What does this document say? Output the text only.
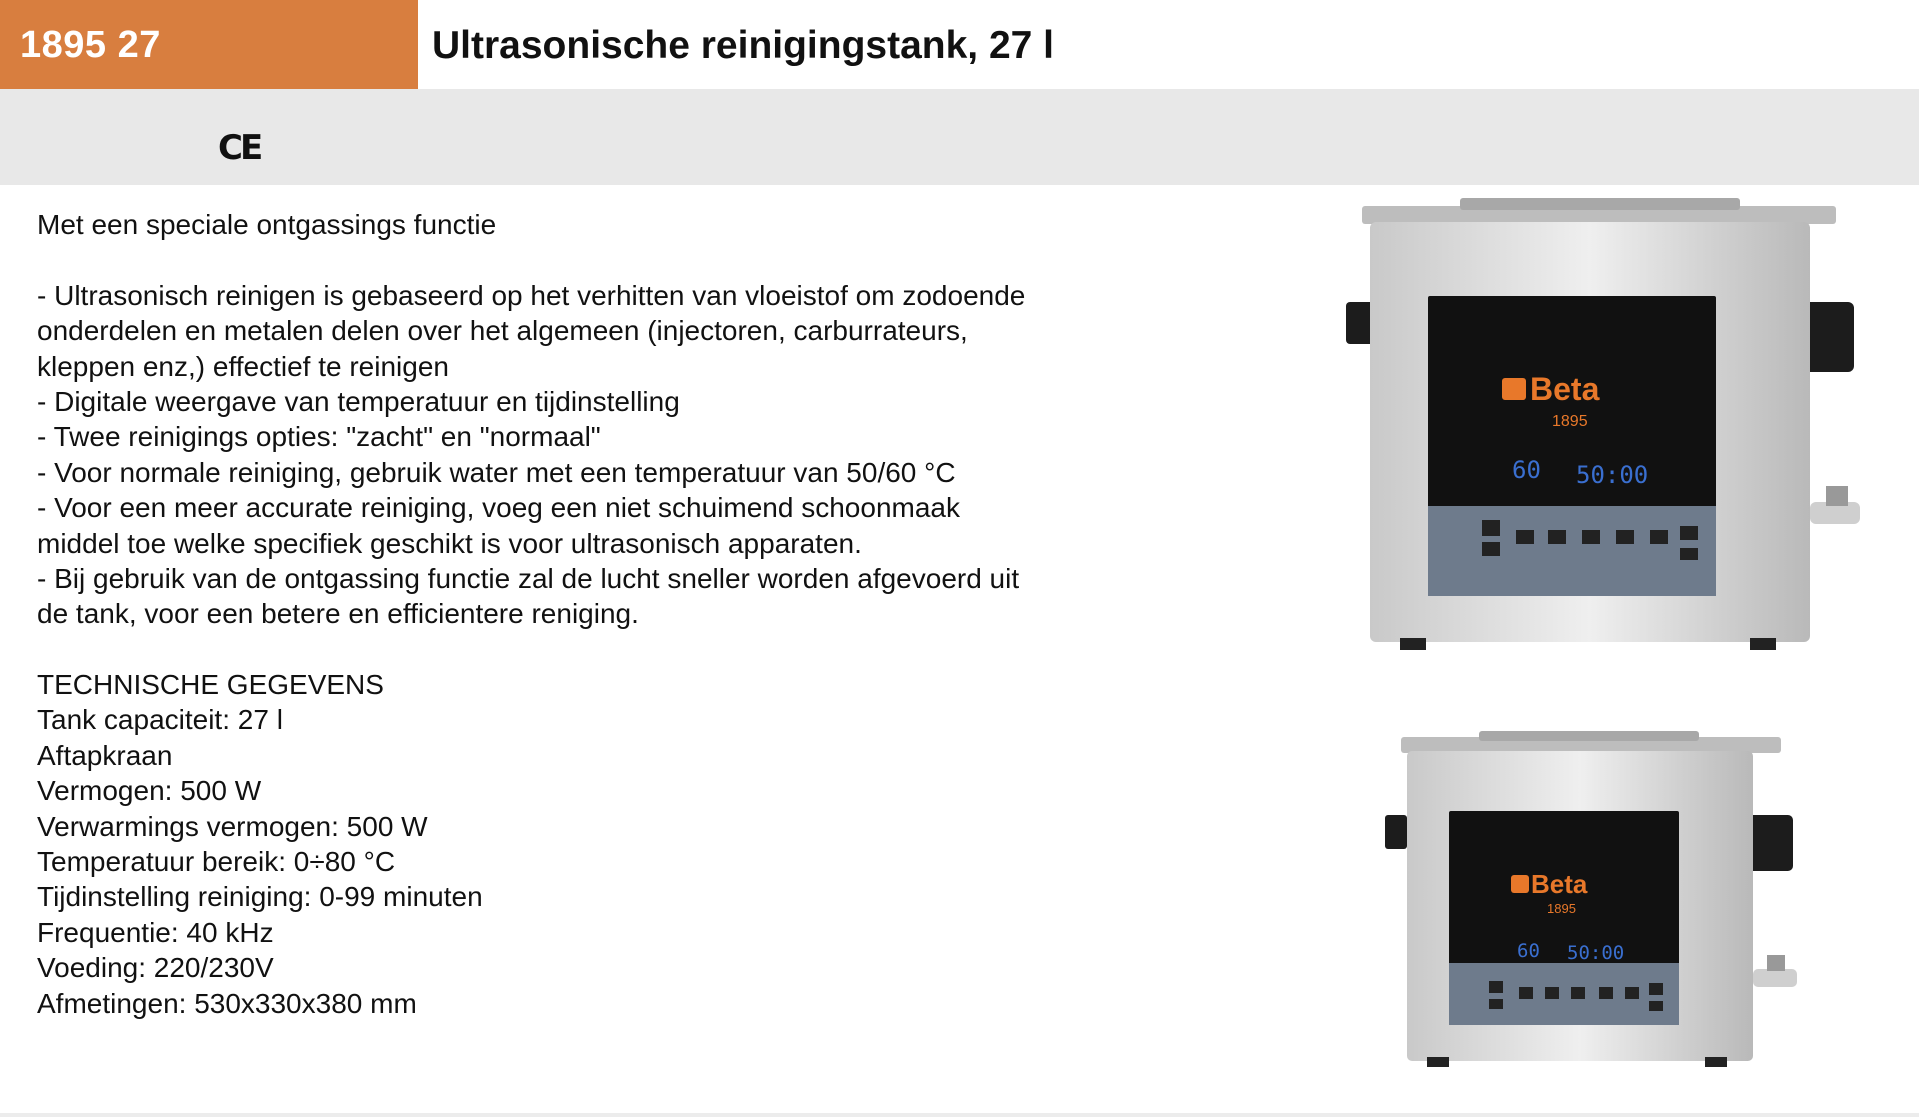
1895 27	Ultrasonische reinigingstank, 27 l
CE
Met een speciale ontgassings functie
- Ultrasonisch reinigen is gebaseerd op het verhitten van vloeistof om zodoende
onderdelen en metalen delen over het algemeen (injectoren, carburrateurs,
kleppen enz,) effectief te reinigen
- Digitale weergave van temperatuur en tijdinstelling
- Twee reinigings opties: "zacht" en "normaal"
- Voor normale reiniging, gebruik water met een temperatuur van 50/60 °C
- Voor een meer accurate reiniging, voeg een niet schuimend schoonmaak
middel toe welke specifiek geschikt is voor ultrasonisch apparaten.
- Bij gebruik van de ontgassing functie zal de lucht sneller worden afgevoerd uit
de tank, voor een betere en efficientere reniging.
TECHNISCHE GEGEVENS
Tank capaciteit: 27 l
Aftapkraan
Vermogen: 500 W
Verwarmings vermogen: 500 W
Temperatuur bereik: 0÷80 °C
Tijdinstelling reiniging: 0-99 minuten
Frequentie: 40 kHz
Voeding: 220/230V
Afmetingen: 530x330x380 mm
Beta
1895
60 50:00
Beta
1895
60 50:00
